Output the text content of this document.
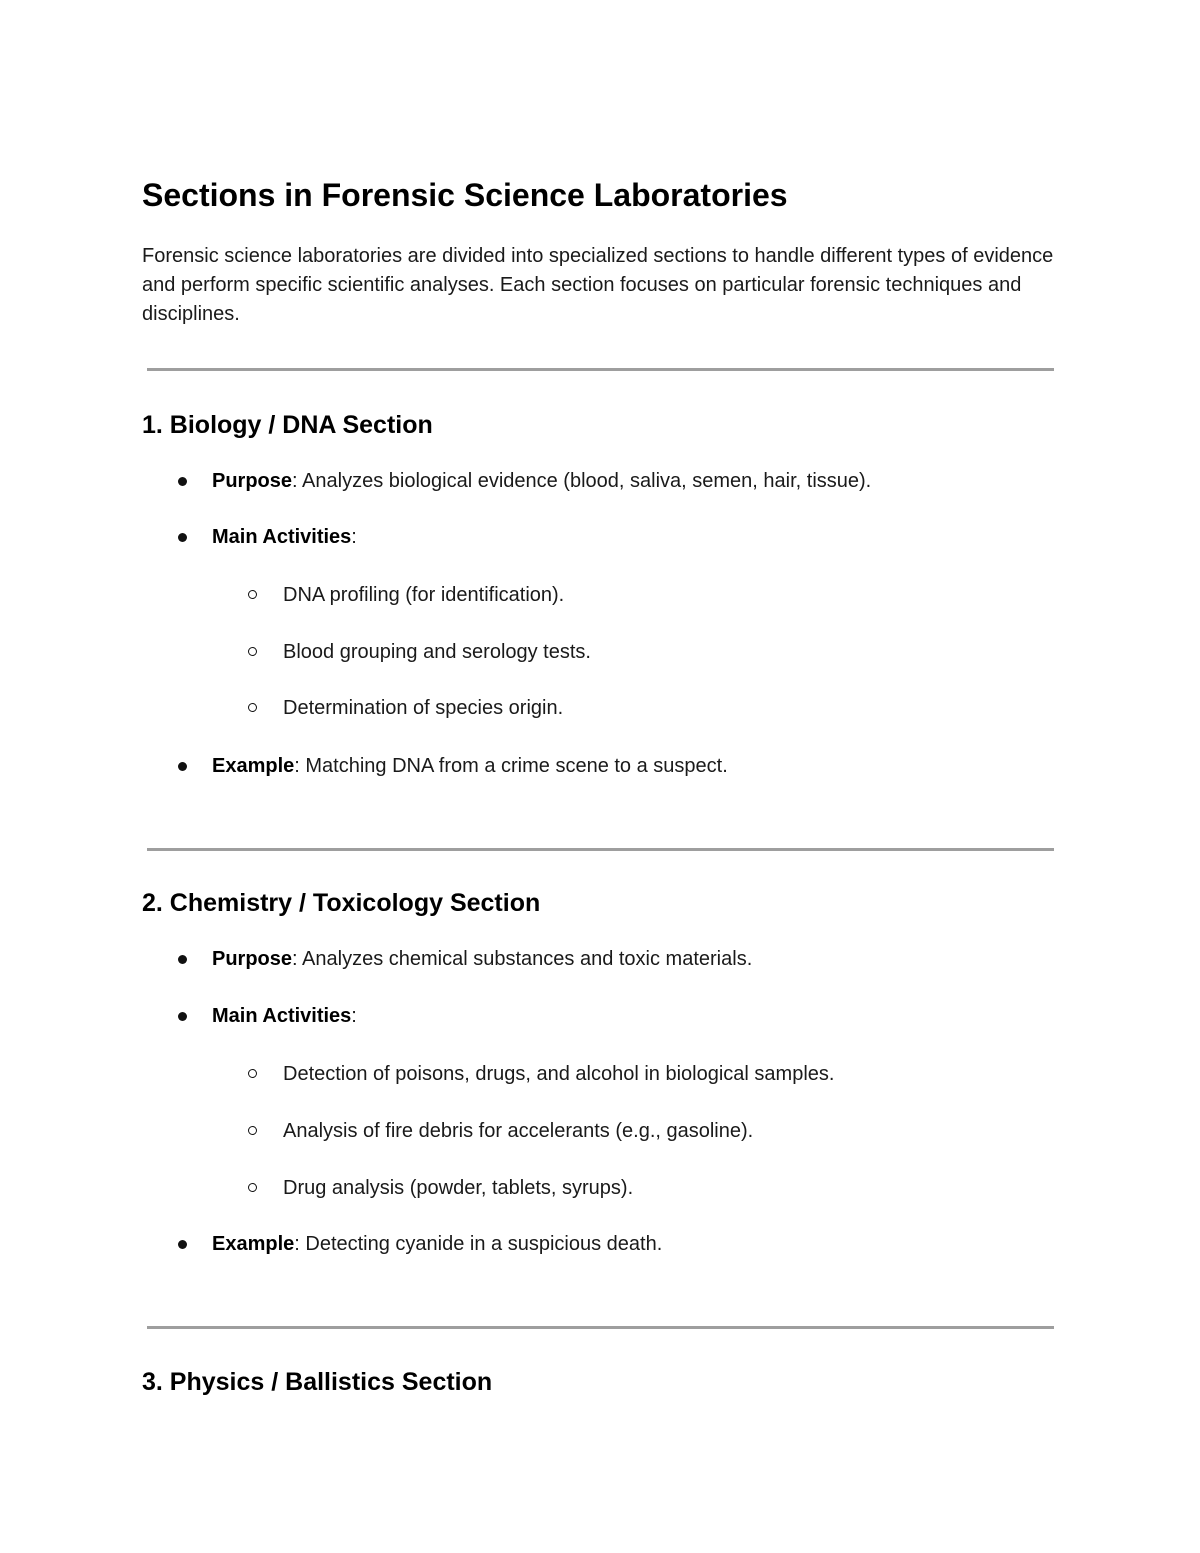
Sections in Forensic Science Laboratories

Forensic science laboratories are divided into specialized sections to handle different types of evidence and perform specific scientific analyses. Each section focuses on particular forensic techniques and disciplines.

1. Biology / DNA Section
Purpose: Analyzes biological evidence (blood, saliva, semen, hair, tissue).
Main Activities:
DNA profiling (for identification).
Blood grouping and serology tests.
Determination of species origin.
Example: Matching DNA from a crime scene to a suspect.
2. Chemistry / Toxicology Section
Purpose: Analyzes chemical substances and toxic materials.
Main Activities:
Detection of poisons, drugs, and alcohol in biological samples.
Analysis of fire debris for accelerants (e.g., gasoline).
Drug analysis (powder, tablets, syrups).
Example: Detecting cyanide in a suspicious death.
3. Physics / Ballistics Section
